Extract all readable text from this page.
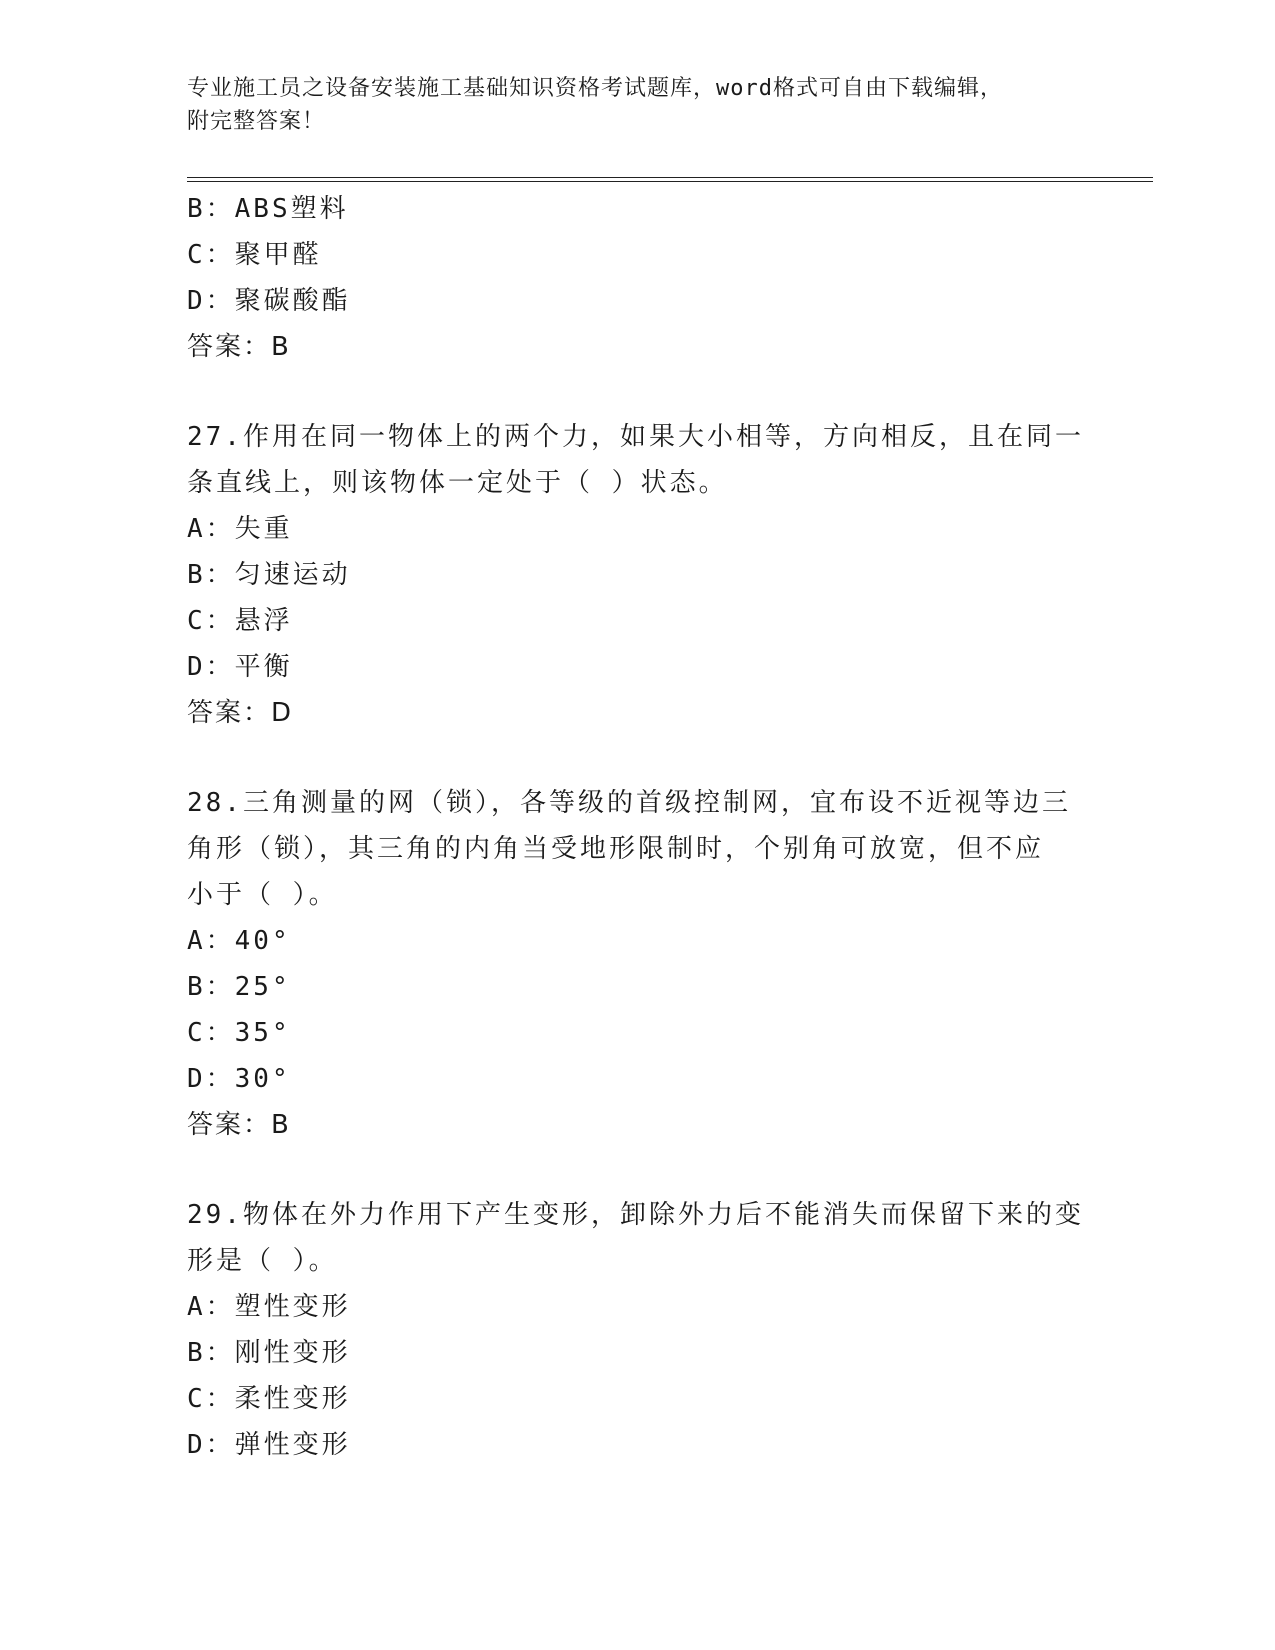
专业施工员之设备安装施工基础知识资格考试题库，word格式可自由下载编辑，
附完整答案！
B：ABS塑料
C：聚甲醛
D：聚碳酸酯
答案：B
27.作用在同一物体上的两个力，如果大小相等，方向相反，且在同一
条直线上，则该物体一定处于（ ）状态。
A：失重
B：匀速运动
C：悬浮
D：平衡
答案：D
28.三角测量的网（锁），各等级的首级控制网，宜布设不近视等边三
角形（锁），其三角的内角当受地形限制时，个别角可放宽，但不应
小于（ ）。
A：40°
B：25°
C：35°
D：30°
答案：B
29.物体在外力作用下产生变形，卸除外力后不能消失而保留下来的变
形是（ ）。
A：塑性变形
B：刚性变形
C：柔性变形
D：弹性变形
